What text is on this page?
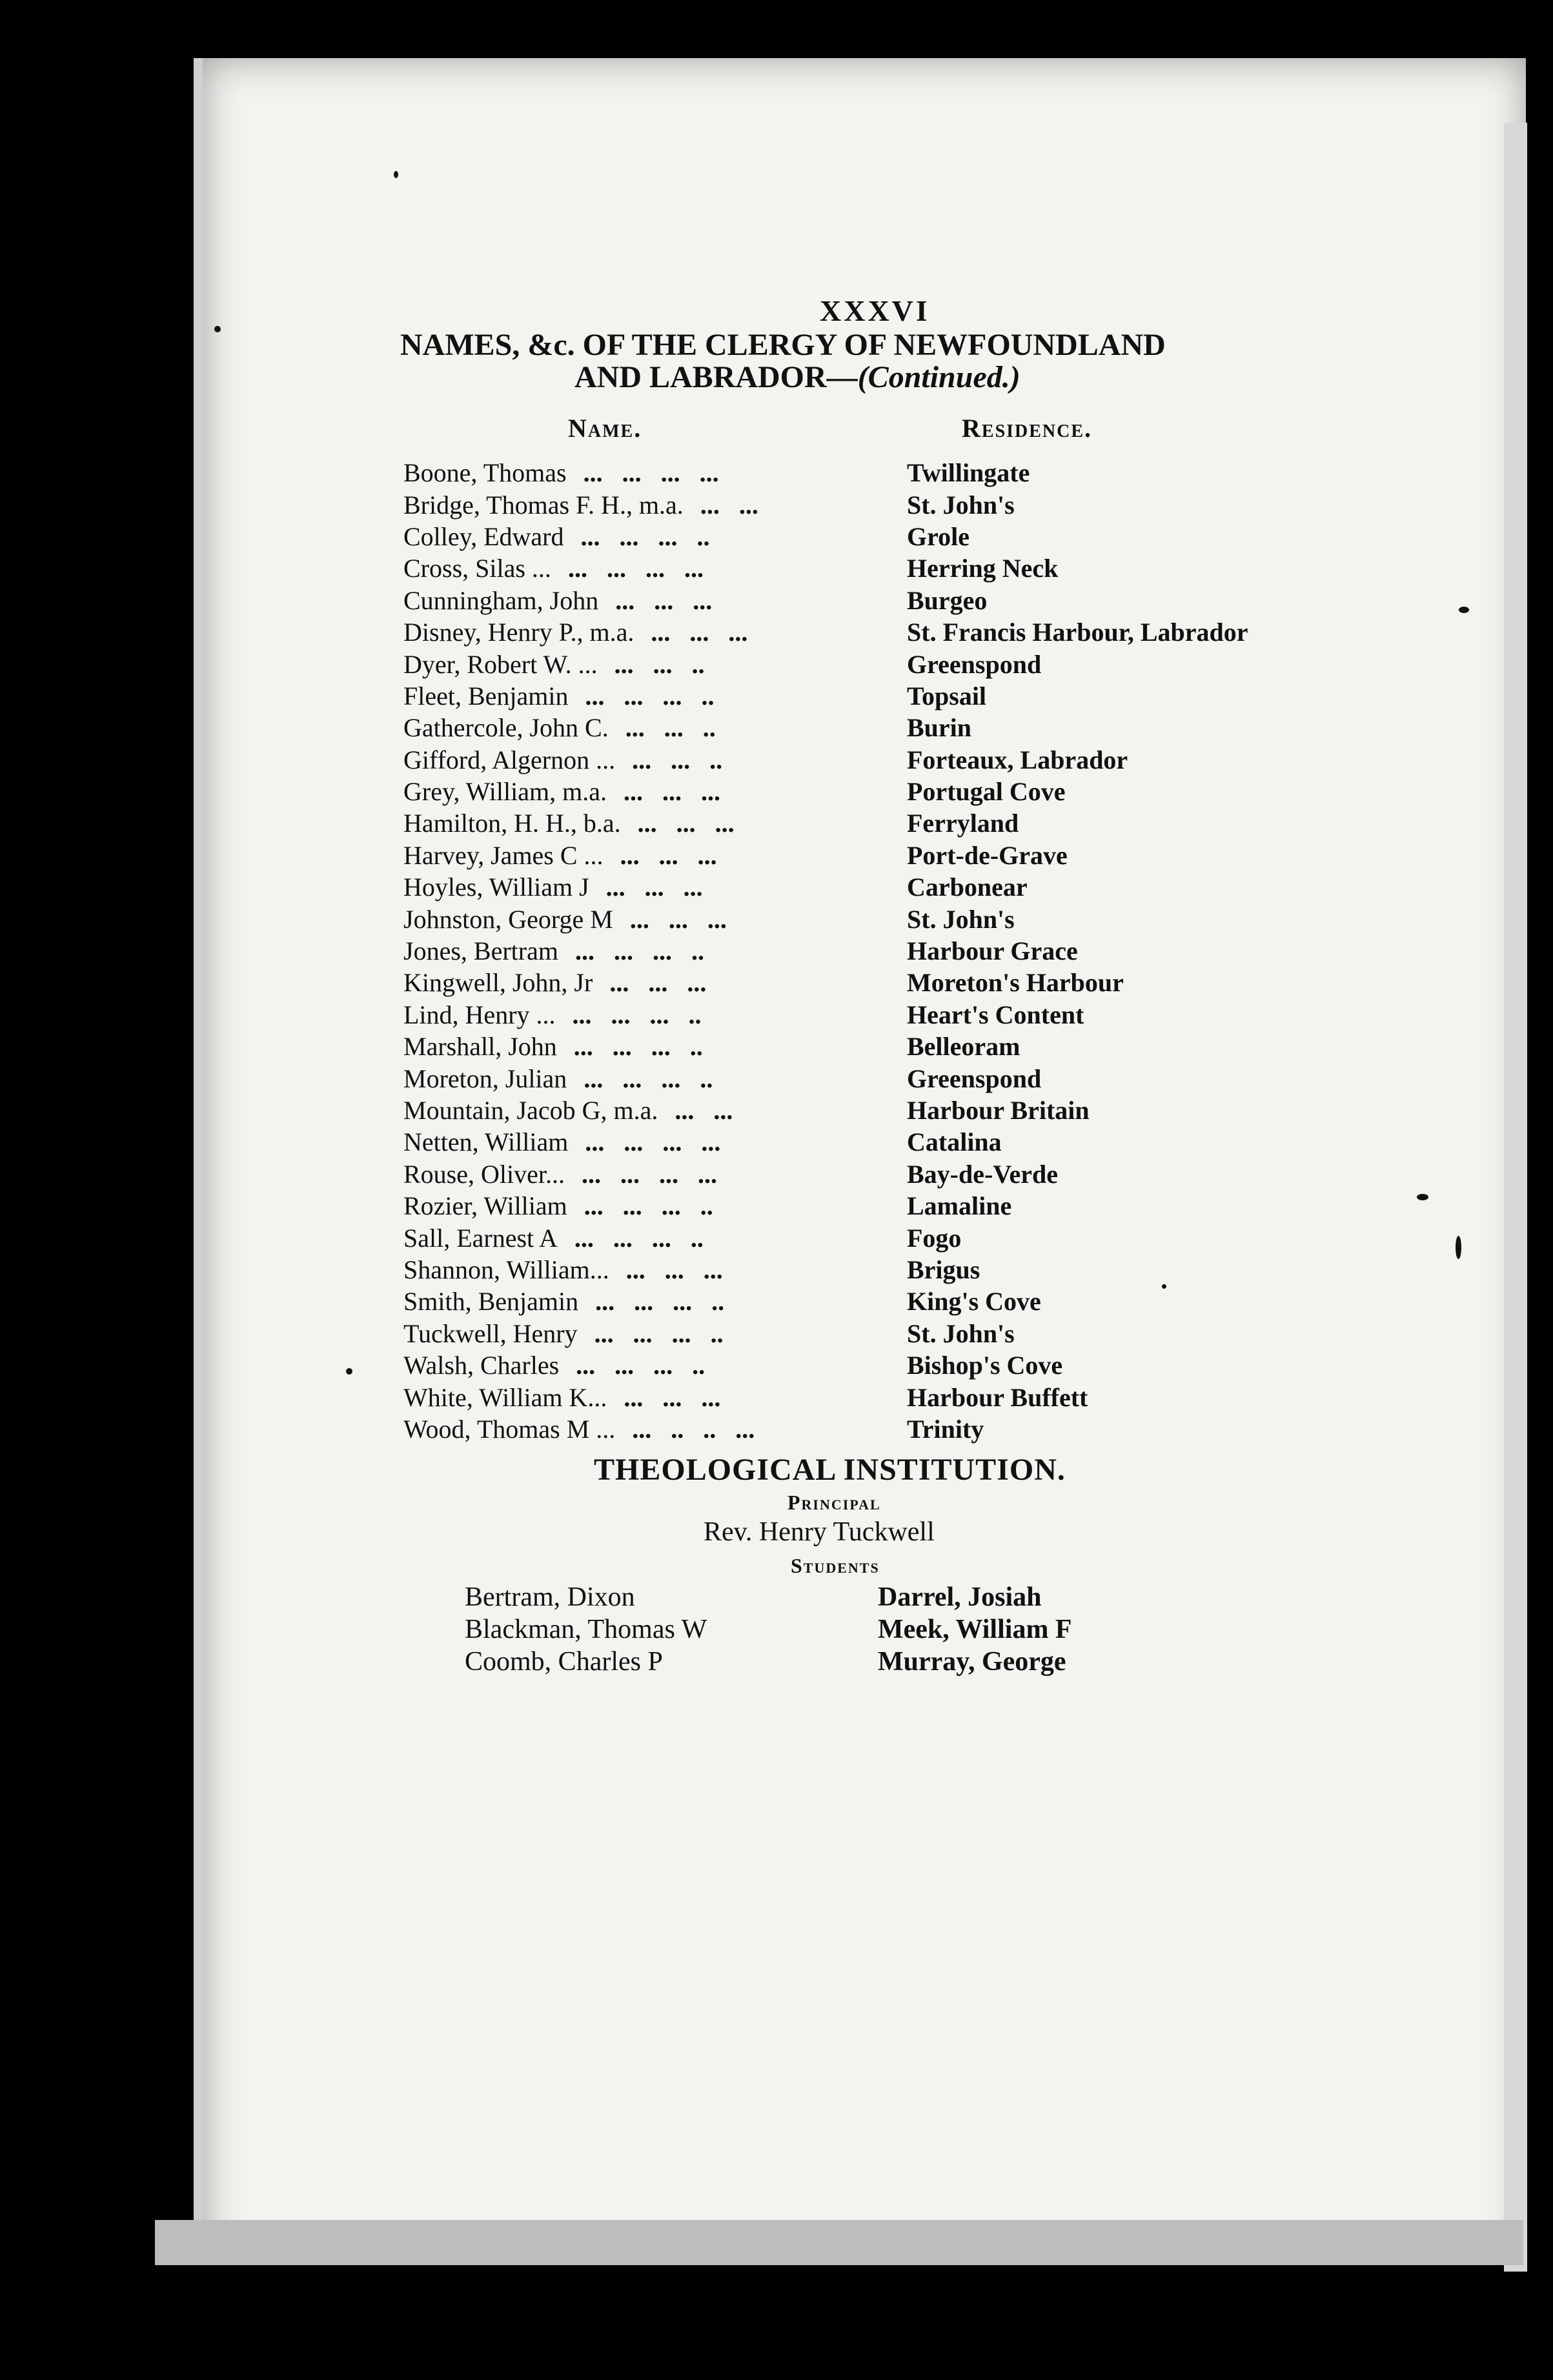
XXXVI
NAMES, &c. OF THE CLERGY OF NEWFOUNDLAND
AND LABRADOR—(Continued.)
Name.	Residence.
Boone, Thomas ...   ...   ...   ...	Twillingate
Bridge, Thomas F. H., m.a. ...   ...	St. John's
Colley, Edward ...   ...   ...   ..	Grole
Cross, Silas ... ...   ...   ...   ...	Herring Neck
Cunningham, John ...   ...   ...	Burgeo
Disney, Henry P., m.a. ...   ...   ...	St. Francis Harbour, Labrador
Dyer, Robert W. ... ...   ...   ..	Greenspond
Fleet, Benjamin ...   ...   ...   ..	Topsail
Gathercole, John C. ...   ...   ..	Burin
Gifford, Algernon ... ...   ...   ..	Forteaux, Labrador
Grey, William, m.a. ...   ...   ...	Portugal Cove
Hamilton, H. H., b.a. ...   ...   ...	Ferryland
Harvey, James C ... ...   ...   ...	Port-de-Grave
Hoyles, William J ...   ...   ...	Carbonear
Johnston, George M ...   ...   ...	St. John's
Jones, Bertram ...   ...   ...   ..	Harbour Grace
Kingwell, John, Jr ...   ...   ...	Moreton's Harbour
Lind, Henry ... ...   ...   ...   ..	Heart's Content
Marshall, John ...   ...   ...   ..	Belleoram
Moreton, Julian ...   ...   ...   ..	Greenspond
Mountain, Jacob G, m.a. ...   ...	Harbour Britain
Netten, William ...   ...   ...   ...	Catalina
Rouse, Oliver... ...   ...   ...   ...	Bay-de-Verde
Rozier, William ...   ...   ...   ..	Lamaline
Sall, Earnest A ...   ...   ...   ..	Fogo
Shannon, William... ...   ...   ...	Brigus
Smith, Benjamin ...   ...   ...   ..	King's Cove
Tuckwell, Henry ...   ...   ...   ..	St. John's
Walsh, Charles ...   ...   ...   ..	Bishop's Cove
White, William K... ...   ...   ...	Harbour Buffett
Wood, Thomas M ... ...   ..   ..   ...	Trinity
THEOLOGICAL INSTITUTION.
Principal
Rev. Henry Tuckwell
Students
Bertram, Dixon	Darrel, Josiah
Blackman, Thomas W	Meek, William F
Coomb, Charles P	Murray, George
